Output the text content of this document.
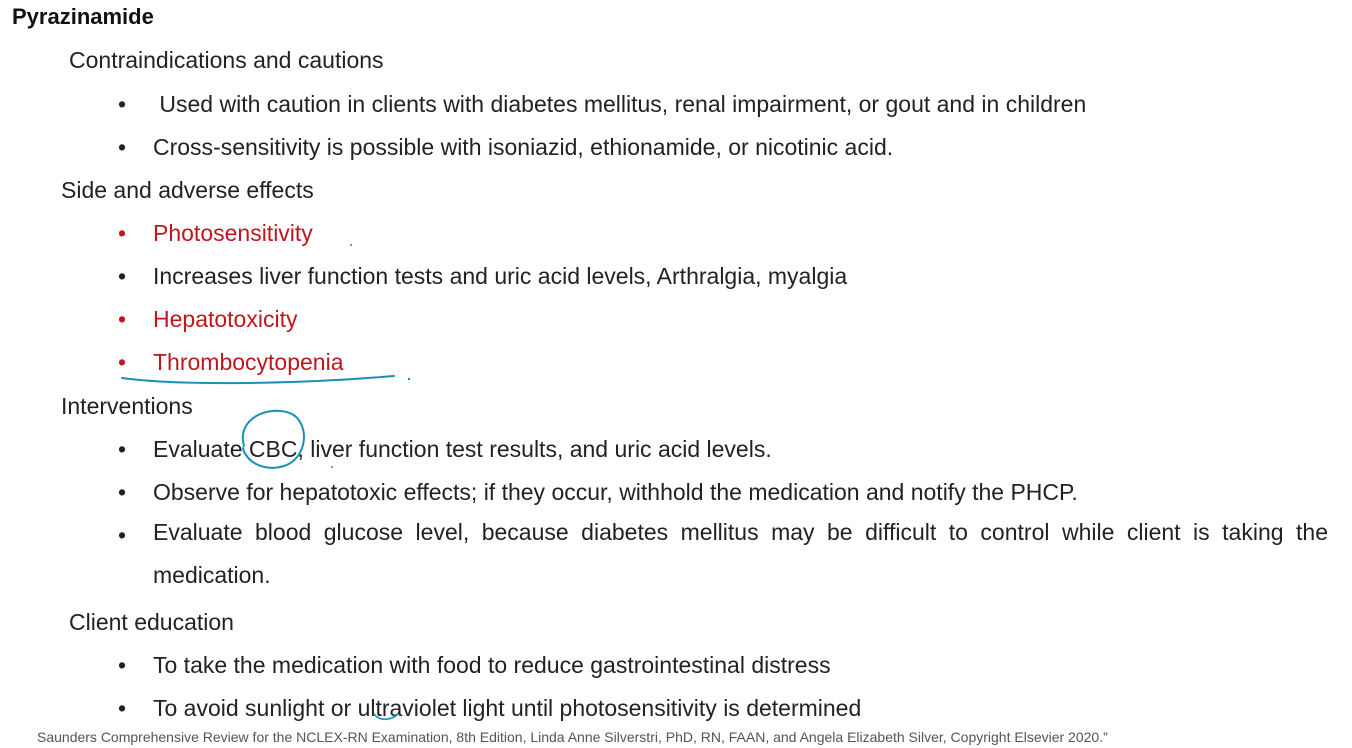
Pyrazinamide
Contraindications and cautions
• Used with caution in clients with diabetes mellitus, renal impairment, or gout and in children
• Cross-sensitivity is possible with isoniazid, ethionamide, or nicotinic acid.
Side and adverse effects
• Photosensitivity
• Increases liver function tests and uric acid levels, Arthralgia, myalgia
• Hepatotoxicity
• Thrombocytopenia
Interventions
• Evaluate CBC, liver function test results, and uric acid levels.
• Observe for hepatotoxic effects; if they occur, withhold the medication and notify the PHCP.
• Evaluate blood glucose level, because diabetes mellitus may be difficult to control while client is taking the medication.
Client education
• To take the medication with food to reduce gastrointestinal distress
• To avoid sunlight or ultraviolet light until photosensitivity is determined
Saunders Comprehensive Review for the NCLEX-RN Examination, 8th Edition, Linda Anne Silverstri, PhD, RN, FAAN, and Angela Elizabeth Silver, Copyright Elsevier 2020.”
